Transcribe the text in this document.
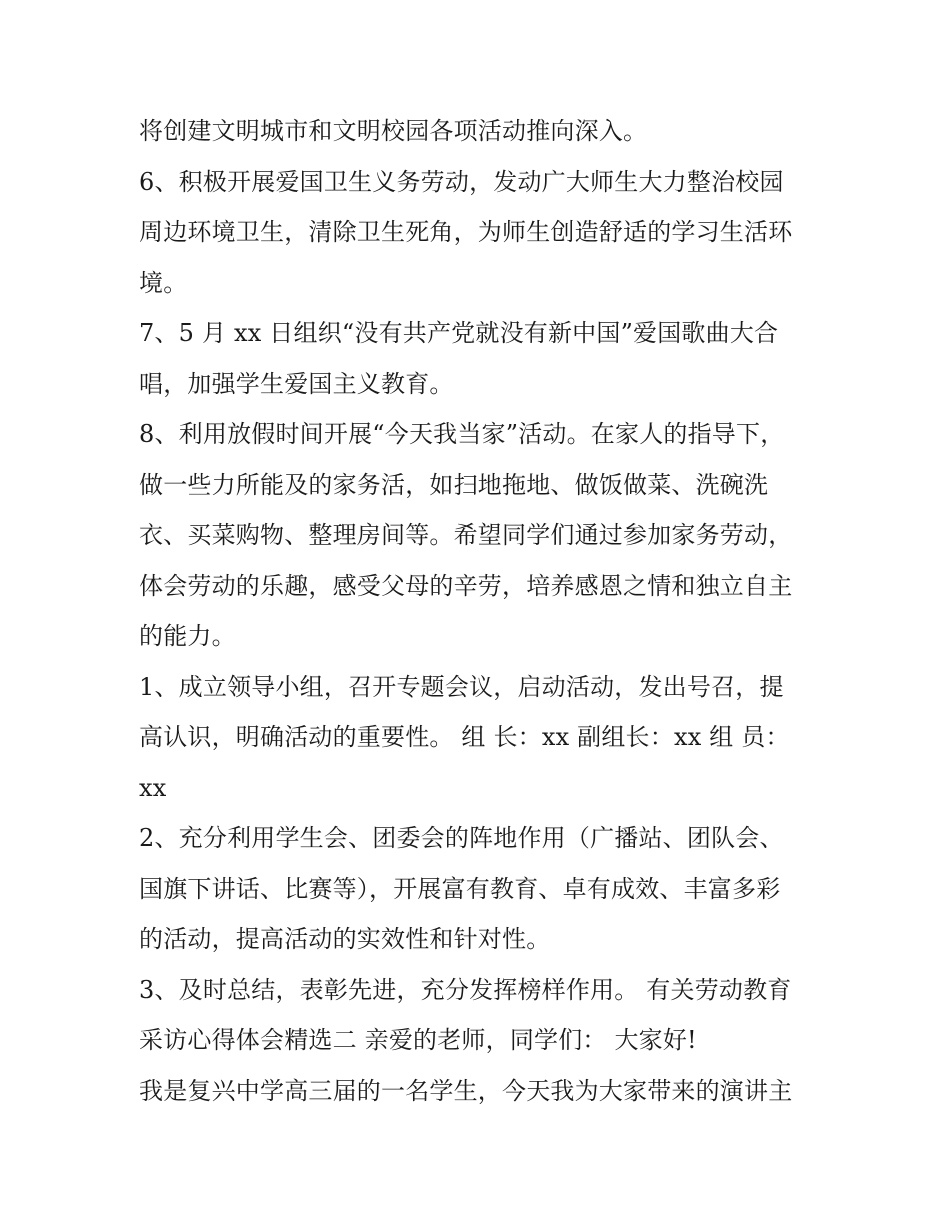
将创建文明城市和文明校园各项活动推向深入。
6、积极开展爱国卫生义务劳动，发动广大师生大力整治校园
周边环境卫生，清除卫生死角，为师生创造舒适的学习生活环
境。
7、5 月 xx 日组织“没有共产党就没有新中国”爱国歌曲大合
唱，加强学生爱国主义教育。
8、利用放假时间开展“今天我当家”活动。在家人的指导下，
做一些力所能及的家务活，如扫地拖地、做饭做菜、洗碗洗
衣、买菜购物、整理房间等。希望同学们通过参加家务劳动，
体会劳动的乐趣，感受父母的辛劳，培养感恩之情和独立自主
的能力。
1、成立领导小组，召开专题会议，启动活动，发出号召，提
高认识，明确活动的重要性。 组 长：xx 副组长：xx 组 员：
xx
2、充分利用学生会、团委会的阵地作用（广播站、团队会、
国旗下讲话、比赛等），开展富有教育、卓有成效、丰富多彩
的活动，提高活动的实效性和针对性。
3、及时总结，表彰先进，充分发挥榜样作用。 有关劳动教育
采访心得体会精选二 亲爱的老师，同学们： 大家好!
我是复兴中学高三届的一名学生，今天我为大家带来的演讲主
